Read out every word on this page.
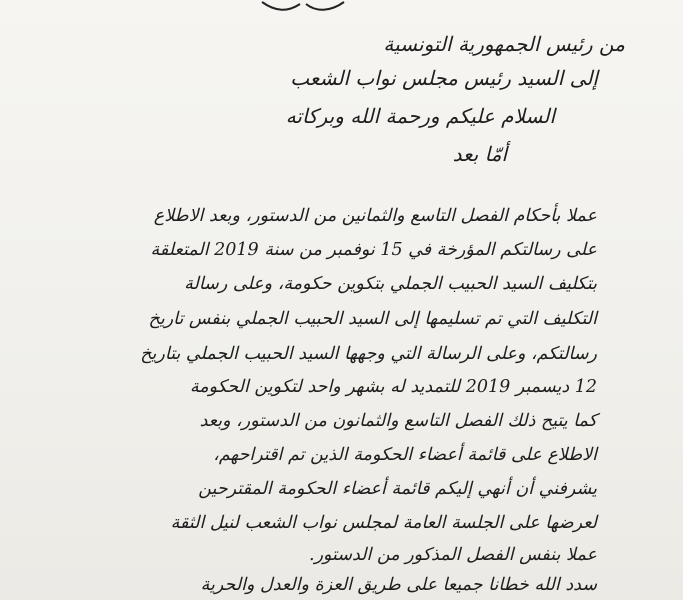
من رئيس الجمهورية التونسية
إلى السيد رئيس مجلس نواب الشعب
السلام عليكم ورحمة الله وبركاته
أمّا بعد
عملا بأحكام الفصل التاسع والثمانين من الدستور، وبعد الاطلاع
على رسالتكم المؤرخة في 15 نوفمبر من سنة 2019 المتعلقة
بتكليف السيد الحبيب الجملي بتكوين حكومة، وعلى رسالة
التكليف التي تم تسليمها إلى السيد الحبيب الجملي بنفس تاريخ
رسالتكم، وعلى الرسالة التي وجهها السيد الحبيب الجملي بتاريخ
12 ديسمبر 2019 للتمديد له بشهر واحد لتكوين الحكومة
كما يتيح ذلك الفصل التاسع والثمانون من الدستور، وبعد
الاطلاع على قائمة أعضاء الحكومة الذين تم اقتراحهم،
يشرفني أن أنهي إليكم قائمة أعضاء الحكومة المقترحين
لعرضها على الجلسة العامة لمجلس نواب الشعب لنيل الثقة
عملا بنفس الفصل المذكور من الدستور.
سدد الله خطانا جميعا على طريق العزة والعدل والحرية
